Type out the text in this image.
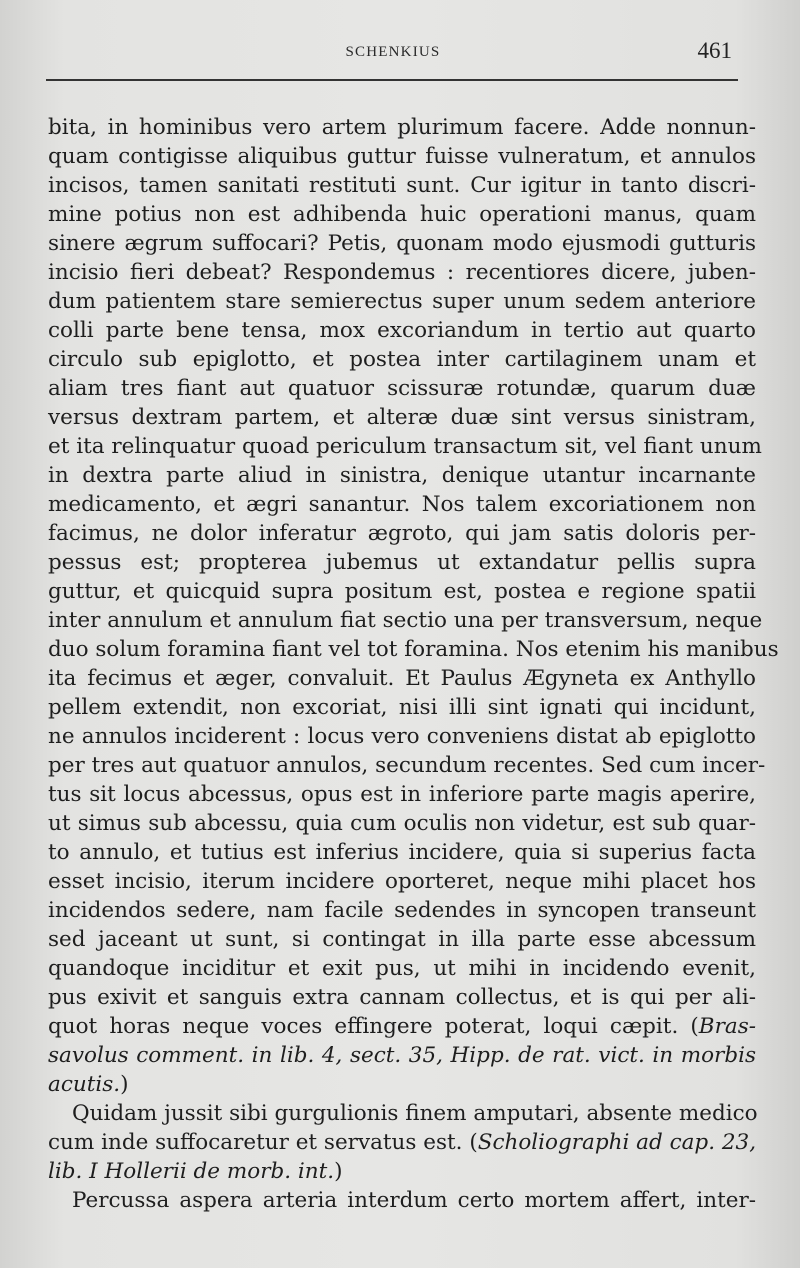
SCHENKIUS	461
bita, in hominibus vero artem plurimum facere. Adde nonnun-
quam contigisse aliquibus guttur fuisse vulneratum, et annulos
incisos, tamen sanitati restituti sunt. Cur igitur in tanto discri-
mine potius non est adhibenda huic operationi manus, quam
sinere ægrum suffocari? Petis, quonam modo ejusmodi gutturis
incisio fieri debeat? Respondemus : recentiores dicere, juben-
dum patientem stare semierectus super unum sedem anteriore
colli parte bene tensa, mox excoriandum in tertio aut quarto
circulo sub epiglotto, et postea inter cartilaginem unam et
aliam tres fiant aut quatuor scissuræ rotundæ, quarum duæ
versus dextram partem, et alteræ duæ sint versus sinistram,
et ita relinquatur quoad periculum transactum sit, vel fiant unum
in dextra parte aliud in sinistra, denique utantur incarnante
medicamento, et ægri sanantur. Nos talem excoriationem non
facimus, ne dolor inferatur ægroto, qui jam satis doloris per-
pessus est; propterea jubemus ut extandatur pellis supra
guttur, et quicquid supra positum est, postea e regione spatii
inter annulum et annulum fiat sectio una per transversum, neque
duo solum foramina fiant vel tot foramina. Nos etenim his manibus
ita fecimus et æger, convaluit. Et Paulus Ægyneta ex Anthyllo
pellem extendit, non excoriat, nisi illi sint ignati qui incidunt,
ne annulos inciderent : locus vero conveniens distat ab epiglotto
per tres aut quatuor annulos, secundum recentes. Sed cum incer-
tus sit locus abcessus, opus est in inferiore parte magis aperire,
ut simus sub abcessu, quia cum oculis non videtur, est sub quar-
to annulo, et tutius est inferius incidere, quia si superius facta
esset incisio, iterum incidere oporteret, neque mihi placet hos
incidendos sedere, nam facile sedendes in syncopen transeunt
sed jaceant ut sunt, si contingat in illa parte esse abcessum
quandoque inciditur et exit pus, ut mihi in incidendo evenit,
pus exivit et sanguis extra cannam collectus, et is qui per ali-
quot horas neque voces effingere poterat, loqui cæpit. (Bras-
savolus comment. in lib. 4, sect. 35, Hipp. de rat. vict. in morbis
acutis.)
Quidam jussit sibi gurgulionis finem amputari, absente medico
cum inde suffocaretur et servatus est. (Scholiographi ad cap. 23,
lib. I Hollerii de morb. int.)
Percussa aspera arteria interdum certo mortem affert, inter-
